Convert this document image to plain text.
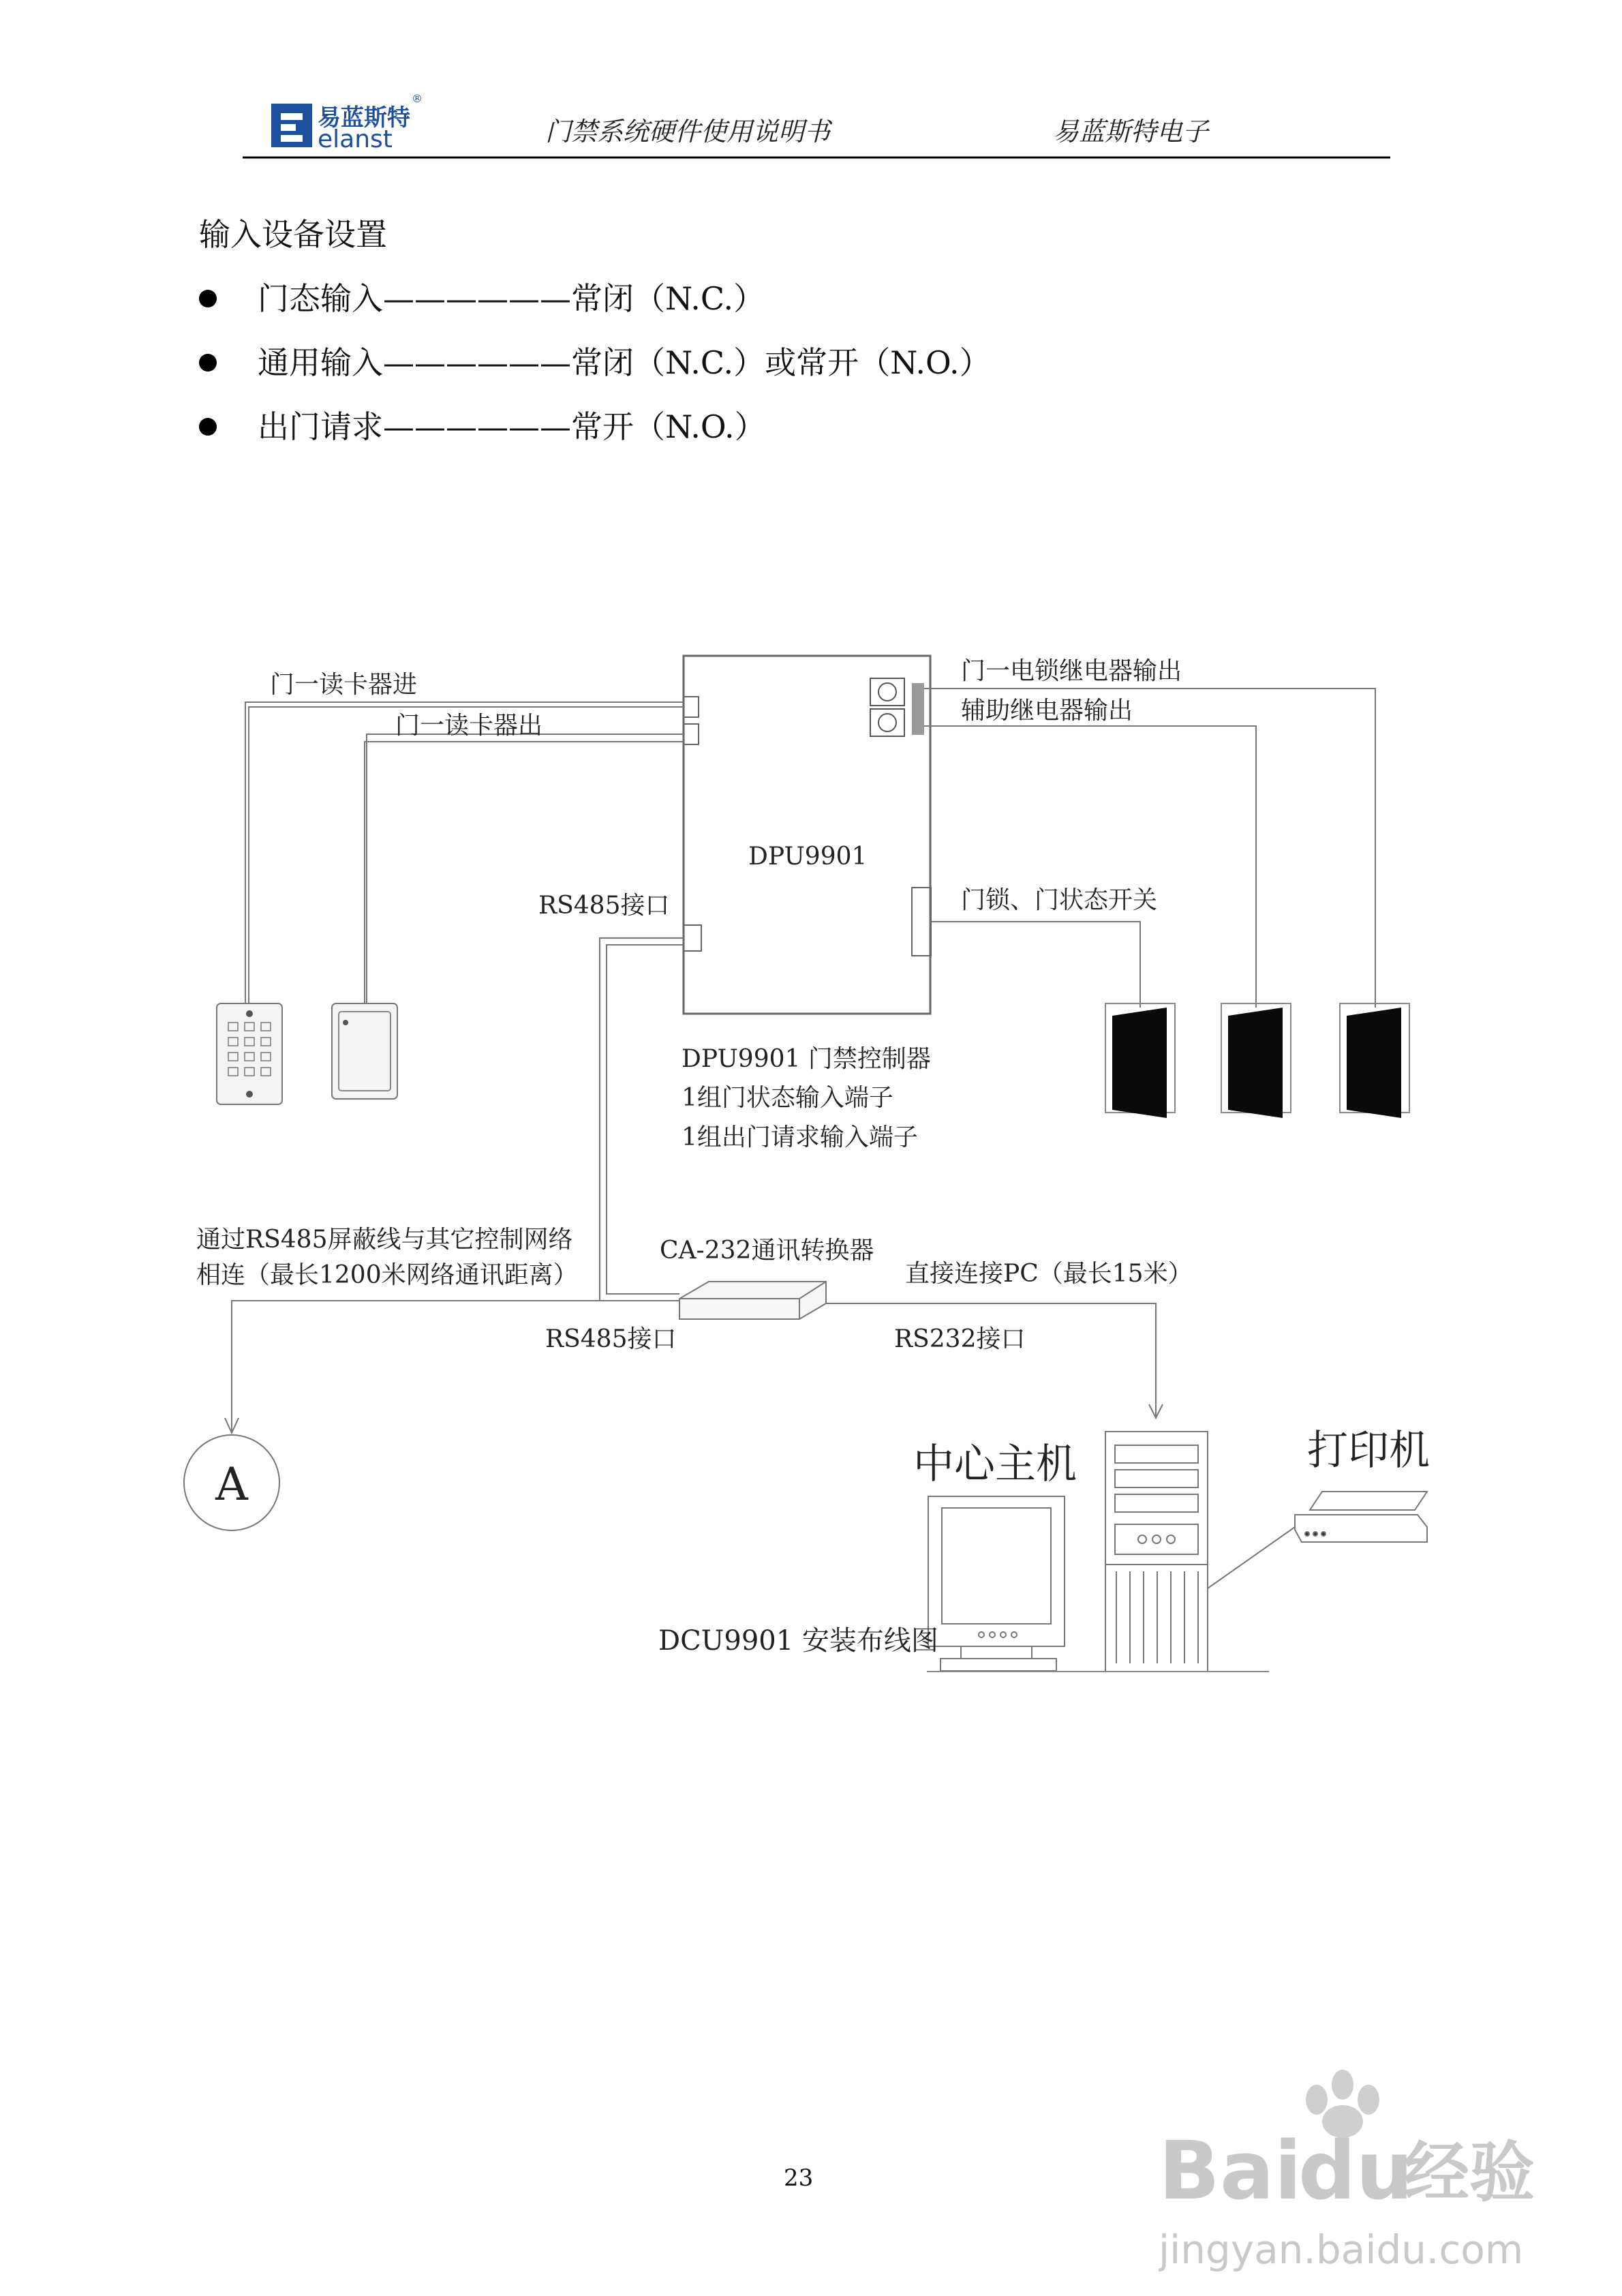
易蓝斯特
elanst
®
门禁系统硬件使用说明书	易蓝斯特电子
输入设备设置
门态输入——————常闭（N.C.）
通用输入——————常闭（N.C.）或常开（N.O.）
出门请求——————常开（N.O.）
DPU9901
门一读卡器进
门一读卡器出
门一电锁继电器输出
辅助继电器输出
门锁、门状态开关
RS485接口
DPU9901 门禁控制器
1组门状态输入端子
1组出门请求输入端子
通过RS485屏蔽线与其它控制网络
相连（最长1200米网络通讯距离）
A
CA-232通讯转换器
直接连接PC（最长15米）
RS485接口	RS232接口
中心主机	打印机
DCU9901 安装布线图
23	Bai
du
经验
jingyan.baidu.com
